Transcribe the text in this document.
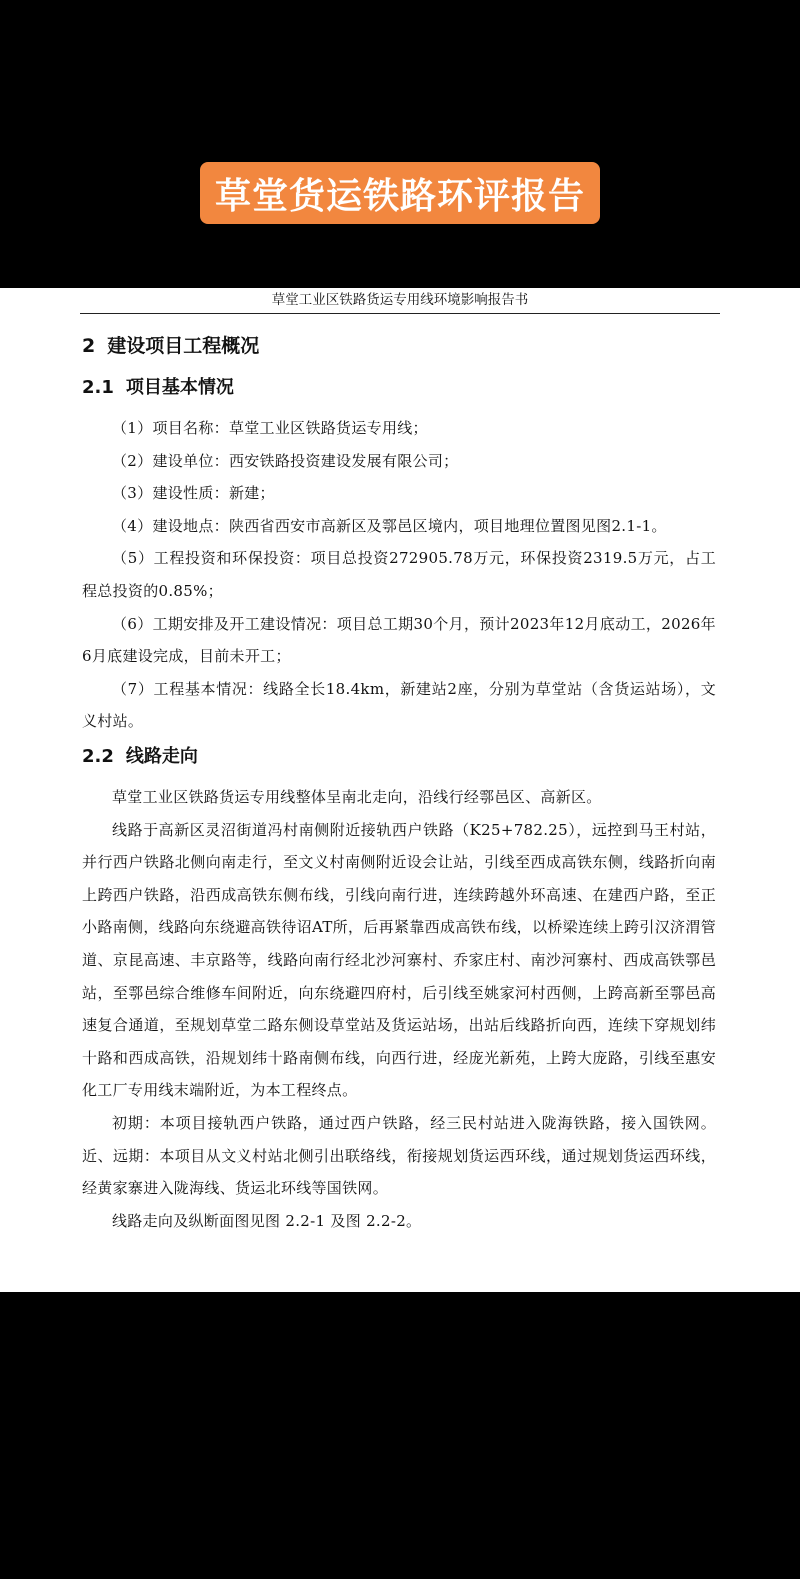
草堂货运铁路环评报告
草堂工业区铁路货运专用线环境影响报告书
2 建设项目工程概况
2.1 项目基本情况

（1）项目名称：草堂工业区铁路货运专用线；

（2）建设单位：西安铁路投资建设发展有限公司；

（3）建设性质：新建；

（4）建设地点：陕西省西安市高新区及鄠邑区境内，项目地理位置图见图2.1-1。

（5）工程投资和环保投资：项目总投资272905.78万元，环保投资2319.5万元，占工程总投资的0.85%；

（6）工期安排及开工建设情况：项目总工期30个月，预计2023年12月底动工，2026年6月底建设完成，目前未开工；

（7）工程基本情况：线路全长18.4km，新建站2座，分别为草堂站（含货运站场），文义村站。

2.2 线路走向

草堂工业区铁路货运专用线整体呈南北走向，沿线行经鄠邑区、高新区。

线路于高新区灵沼街道冯村南侧附近接轨西户铁路（K25+782.25），远控到马王村站，并行西户铁路北侧向南走行，至文义村南侧附近设会让站，引线至西成高铁东侧，线路折向南上跨西户铁路，沿西成高铁东侧布线，引线向南行进，连续跨越外环高速、在建西户路，至正小路南侧，线路向东绕避高铁待诏AT所，后再紧靠西成高铁布线，以桥梁连续上跨引汉济渭管道、京昆高速、丰京路等，线路向南行经北沙河寨村、乔家庄村、南沙河寨村、西成高铁鄠邑站，至鄠邑综合维修车间附近，向东绕避四府村，后引线至姚家河村西侧，上跨高新至鄠邑高速复合通道，至规划草堂二路东侧设草堂站及货运站场，出站后线路折向西，连续下穿规划纬十路和西成高铁，沿规划纬十路南侧布线，向西行进，经庞光新苑，上跨大庞路，引线至惠安化工厂专用线末端附近，为本工程终点。

初期：本项目接轨西户铁路，通过西户铁路，经三民村站进入陇海铁路，接入国铁网。近、远期：本项目从文义村站北侧引出联络线，衔接规划货运西环线，通过规划货运西环线，经黄家寨进入陇海线、货运北环线等国铁网。

线路走向及纵断面图见图 2.2-1 及图 2.2-2。
